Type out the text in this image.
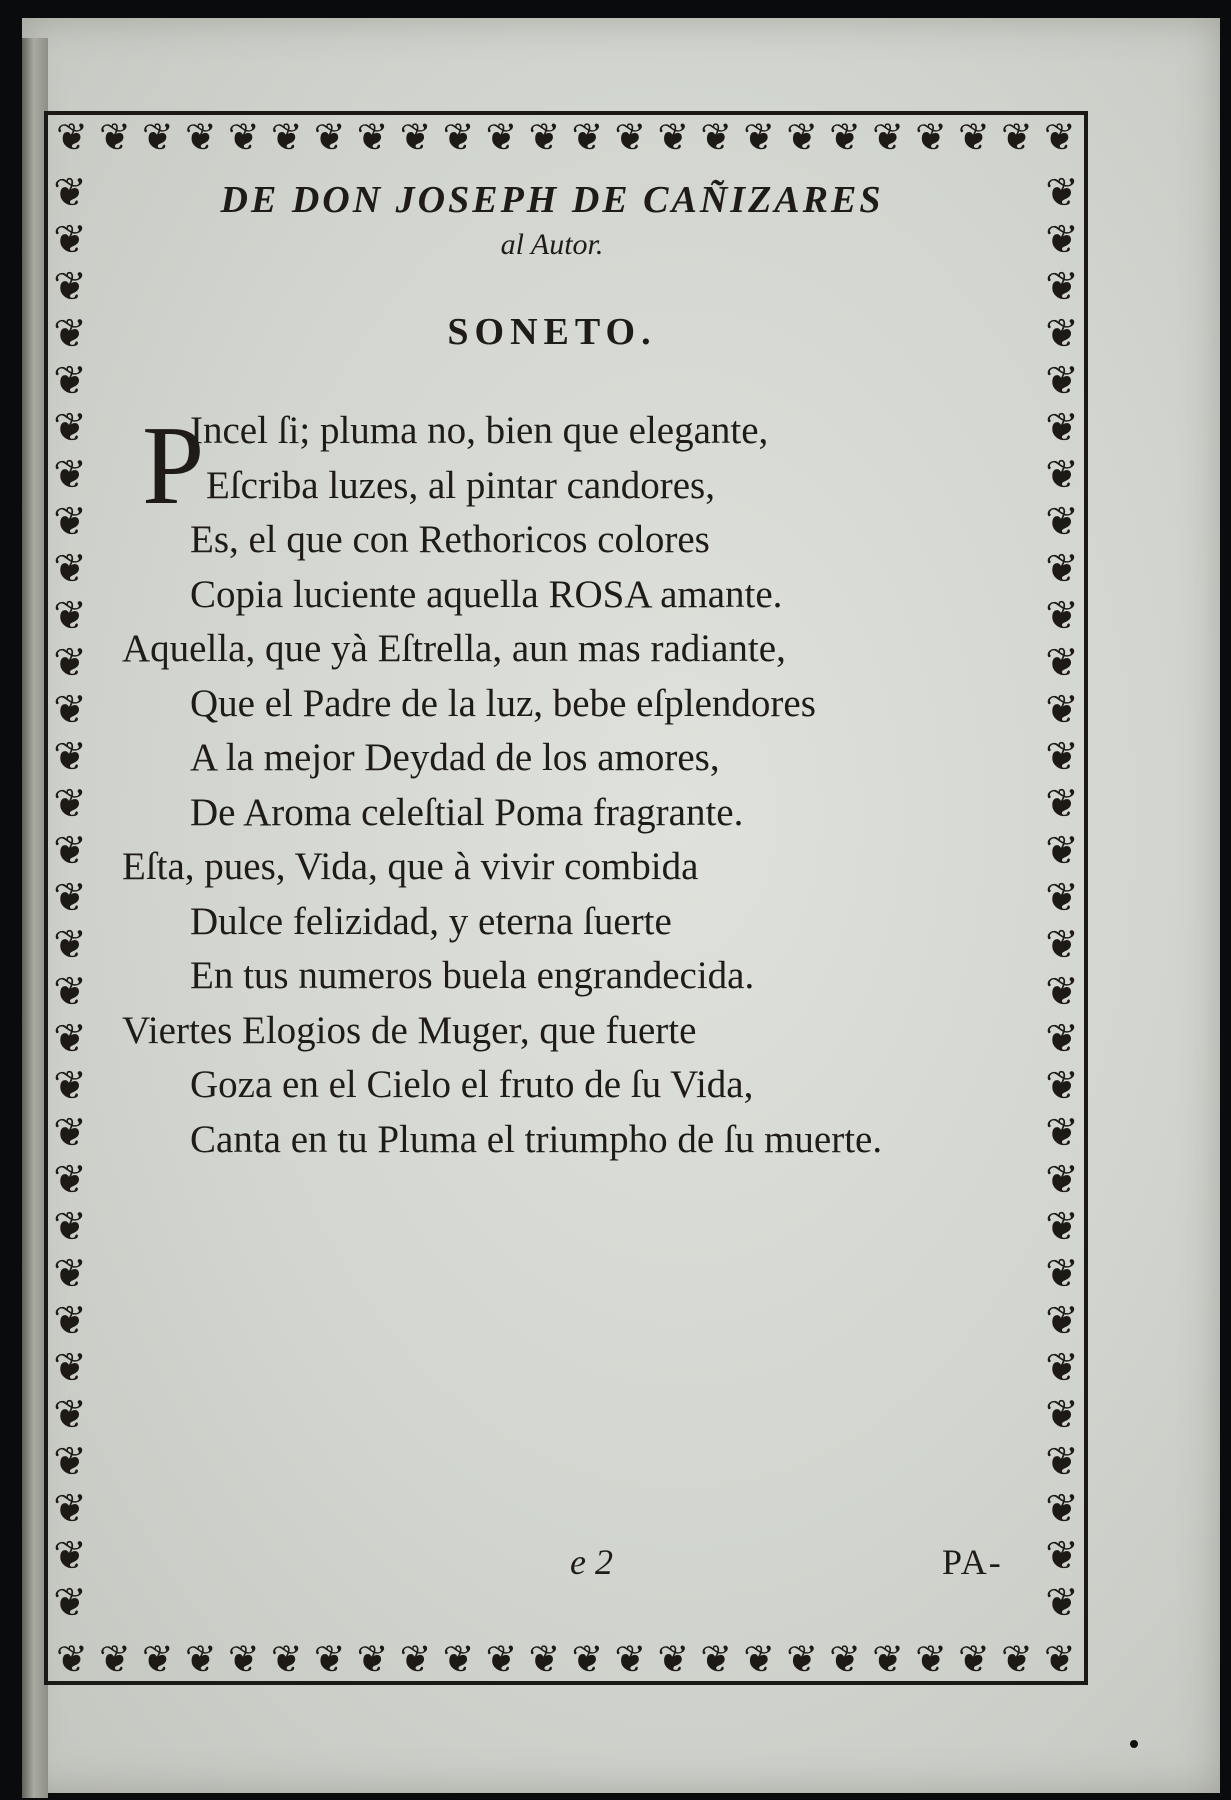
❦ ❦ ❦ ❦ ❦ ❦ ❦ ❦ ❦ ❦ ❦ ❦ ❦ ❦ ❦ ❦ ❦ ❦ ❦ ❦ ❦ ❦ ❦ ❦
❦ ❦ ❦ ❦ ❦ ❦ ❦ ❦ ❦ ❦ ❦ ❦ ❦ ❦ ❦ ❦ ❦ ❦ ❦ ❦ ❦ ❦ ❦ ❦
❦
❦
❦
❦
❦
❦
❦
❦
❦
❦
❦
❦
❦
❦
❦
❦
❦
❦
❦
❦
❦
❦
❦
❦
❦
❦
❦
❦
❦
❦
❦
❦
❦
❦
❦
❦
❦
❦
❦
❦
❦
❦
❦
❦
❦
❦
❦
❦
❦
❦
❦
❦
❦
❦
❦
❦
❦
❦
❦
❦
❦
❦
DE DON JOSEPH DE CAÑIZARES

al Autor.

SONETO.
P
Incel ſi; pluma no, bien que elegante,
Eſcriba luzes, al pintar candores,
Es, el que con Rethoricos colores
Copia luciente aquella ROSA amante.
Aquella, que yà Eſtrella, aun mas radiante,
Que el Padre de la luz, bebe eſplendores
A la mejor Deydad de los amores,
De Aroma celeſtial Poma fragrante.
Eſta, pues, Vida, que à vivir combida
Dulce felizidad, y eterna ſuerte
En tus numeros buela engrandecida.
Viertes Elogios de Muger, que fuerte
Goza en el Cielo el fruto de ſu Vida,
Canta en tu Pluma el triumpho de ſu muerte.
e 2	PA-
